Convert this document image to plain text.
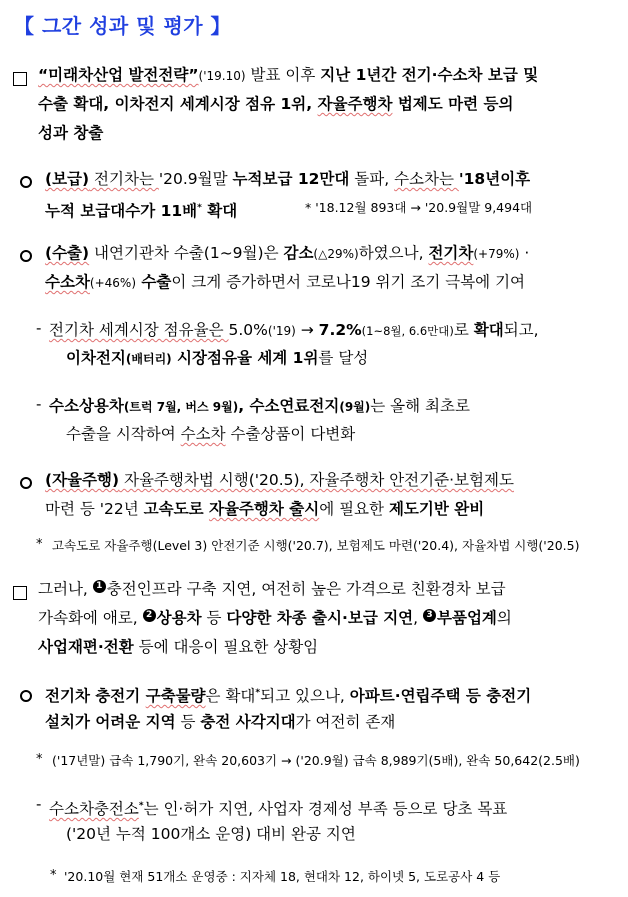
【 그간 성과 및 평가 】
“미래차산업 발전전략”('19.10) 발표 이후 지난 1년간 전기·수소차 보급 및
수출 확대, 이차전지 세계시장 점유 1위, 자율주행차 법제도 마련 등의
성과 창출
(보급) 전기차는 '20.9월말 누적보급 12만대 돌파, 수소차는 '18년이후
누적 보급대수가 11배* 확대	* '18.12월 893대 → '20.9월말 9,494대
(수출) 내연기관차 수출(1~9월)은 감소(△29%)하였으나, 전기차(+79%) ·
수소차(+46%) 수출이 크게 증가하면서 코로나19 위기 조기 극복에 기여
- 전기차 세계시장 점유율은 5.0%('19) → 7.2%(1~8월, 6.6만대)로 확대되고,
이차전지(배터리) 시장점유율 세계 1위를 달성
- 수소상용차(트럭 7월, 버스 9월), 수소연료전지(9월)는 올해 최초로
수출을 시작하여 수소차 수출상품이 다변화
(자율주행) 자율주행차법 시행('20.5), 자율주행차 안전기준·보험제도
마련 등 '22년 고속도로 자율주행차 출시에 필요한 제도기반 완비
* 고속도로 자율주행(Level 3) 안전기준 시행('20.7), 보험제도 마련('20.4), 자율차법 시행('20.5)
그러나, 1 충전인프라 구축 지연, 여전히 높은 가격으로 친환경차 보급
가속화에 애로, 2 상용차 등 다양한 차종 출시·보급 지연, 3 부품업계의
사업재편·전환 등에 대응이 필요한 상황임
전기차 충전기 구축물량은 확대*되고 있으나, 아파트·연립주택 등 충전기
설치가 어려운 지역 등 충전 사각지대가 여전히 존재
* ('17년말) 급속 1,790기, 완속 20,603기 → ('20.9월) 급속 8,989기(5배), 완속 50,642(2.5배)
- 수소차충전소*는 인·허가 지연, 사업자 경제성 부족 등으로 당초 목표
('20년 누적 100개소 운영) 대비 완공 지연
* '20.10월 현재 51개소 운영중 : 지자체 18, 현대차 12, 하이넷 5, 도로공사 4 등
